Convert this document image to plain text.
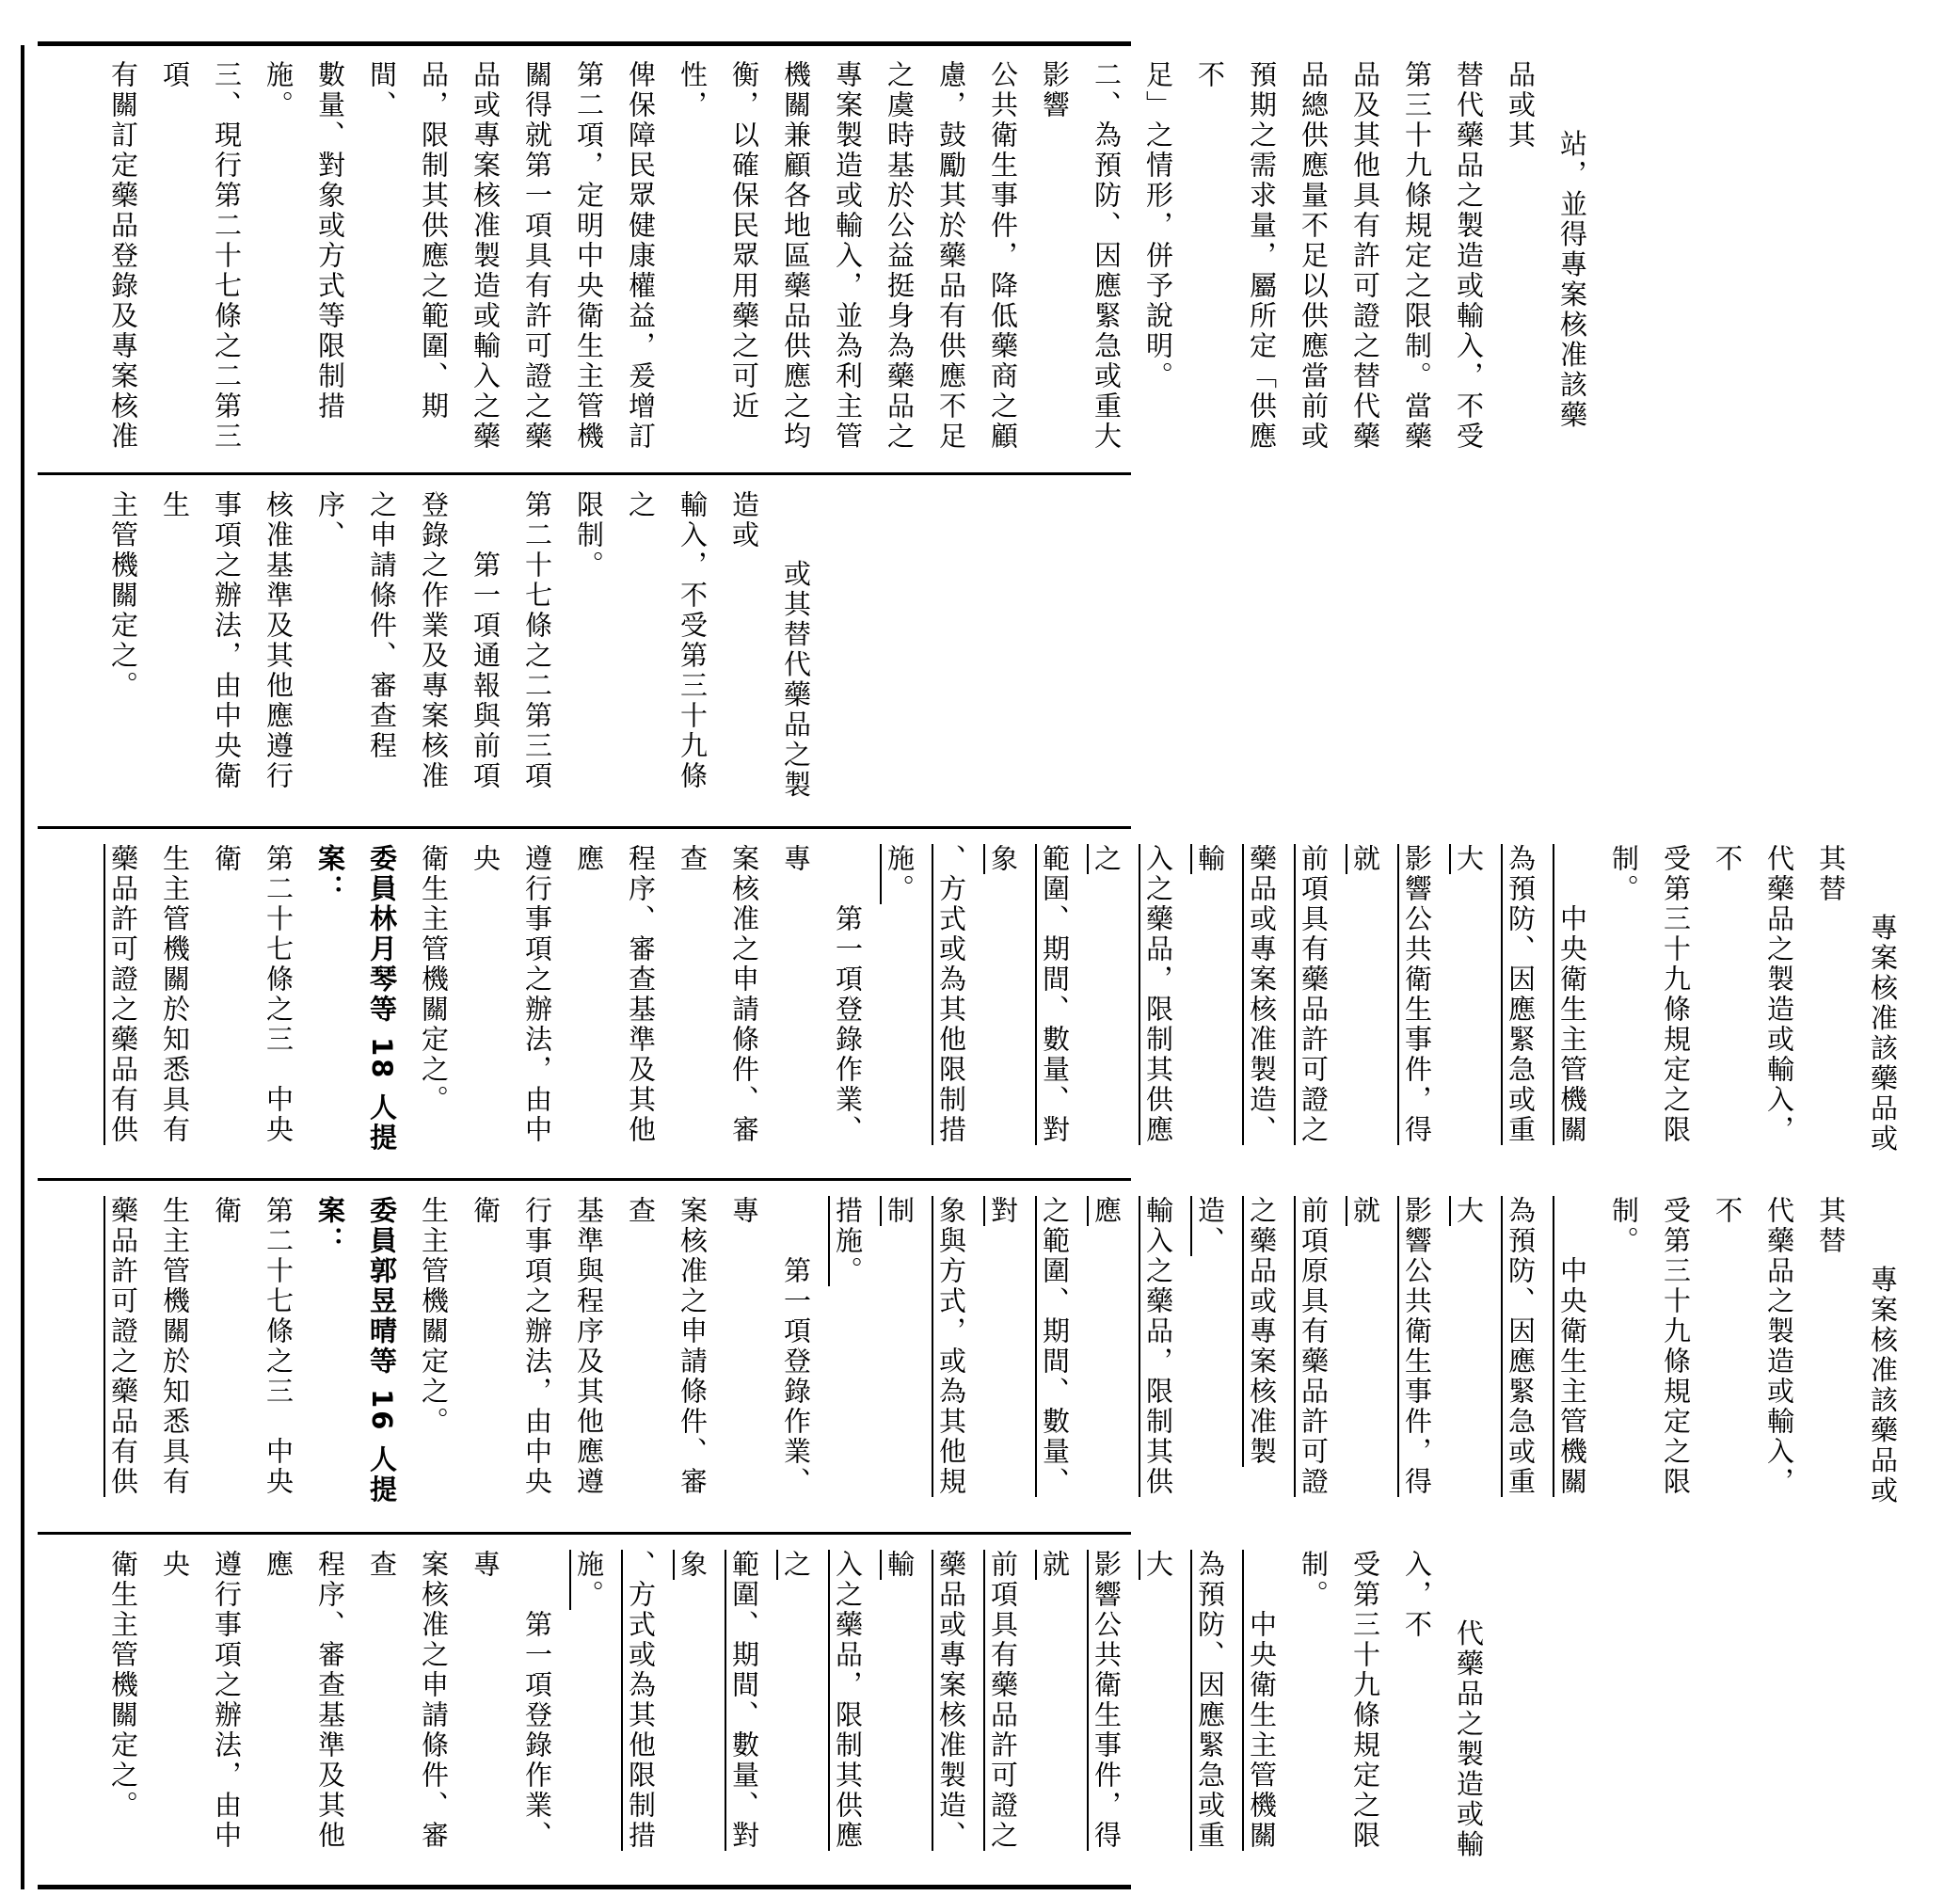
站，並得專案核准該藥品或其
替代藥品之製造或輸入，不受
第三十九條規定之限制。當藥
品及其他具有許可證之替代藥
品總供應量不足以供應當前或
預期之需求量，屬所定「供應不
足」之情形，併予說明。
二、為預防、因應緊急或重大影響
公共衛生事件，降低藥商之顧
慮，鼓勵其於藥品有供應不足
之虞時基於公益挺身為藥品之
專案製造或輸入，並為利主管
機關兼顧各地區藥品供應之均
衡，以確保民眾用藥之可近性，
俾保障民眾健康權益，爰增訂
第二項，定明中央衛生主管機
關得就第一項具有許可證之藥
品或專案核准製造或輸入之藥
品，限制其供應之範圍、期間、
數量、對象或方式等限制措施。
三、現行第二十七條之二第三項
有關訂定藥品登錄及專案核准

或其替代藥品之製造或
輸入，不受第三十九條之
限制。
第二十七條之二第三項
　　第一項通報與前項
登錄之作業及專案核准
之申請條件、審查程序、
核准基準及其他應遵行
事項之辦法，由中央衛生
主管機關定之。

專案核准該藥品或其替
代藥品之製造或輸入，不
受第三十九條規定之限
制。
　　中央衛生主管機關
為預防、因應緊急或重大
影響公共衛生事件，得就
前項具有藥品許可證之
藥品或專案核准製造、輸
入之藥品，限制其供應之
範圍、期間、數量、對象
、方式或為其他限制措
施。
　　第一項登錄作業、專
案核准之申請條件、審查
程序、審查基準及其他應
遵行事項之辦法，由中央
衛生主管機關定之。
委員林月琴等 18 人提案：
第二十七條之三　中央衛
生主管機關於知悉具有
藥品許可證之藥品有供

專案核准該藥品或其替
代藥品之製造或輸入，不
受第三十九條規定之限
制。
　　中央衛生主管機關
為預防、因應緊急或重大
影響公共衛生事件，得就
前項原具有藥品許可證
之藥品或專案核准製造、
輸入之藥品，限制其供應
之範圍、期間、數量、對
象與方式，或為其他規制
措施。
　　第一項登錄作業、專
案核准之申請條件、審查
基準與程序及其他應遵
行事項之辦法，由中央衛
生主管機關定之。
委員郭昱晴等 16 人提案：
第二十七條之三　中央衛
生主管機關於知悉具有
藥品許可證之藥品有供

代藥品之製造或輸入，不
受第三十九條規定之限
制。
　　中央衛生主管機關
為預防、因應緊急或重大
影響公共衛生事件，得就
前項具有藥品許可證之
藥品或專案核准製造、輸
入之藥品，限制其供應之
範圍、期間、數量、對象
、方式或為其他限制措
施。
　　第一項登錄作業、專
案核准之申請條件、審查
程序、審查基準及其他應
遵行事項之辦法，由中央
衛生主管機關定之。
